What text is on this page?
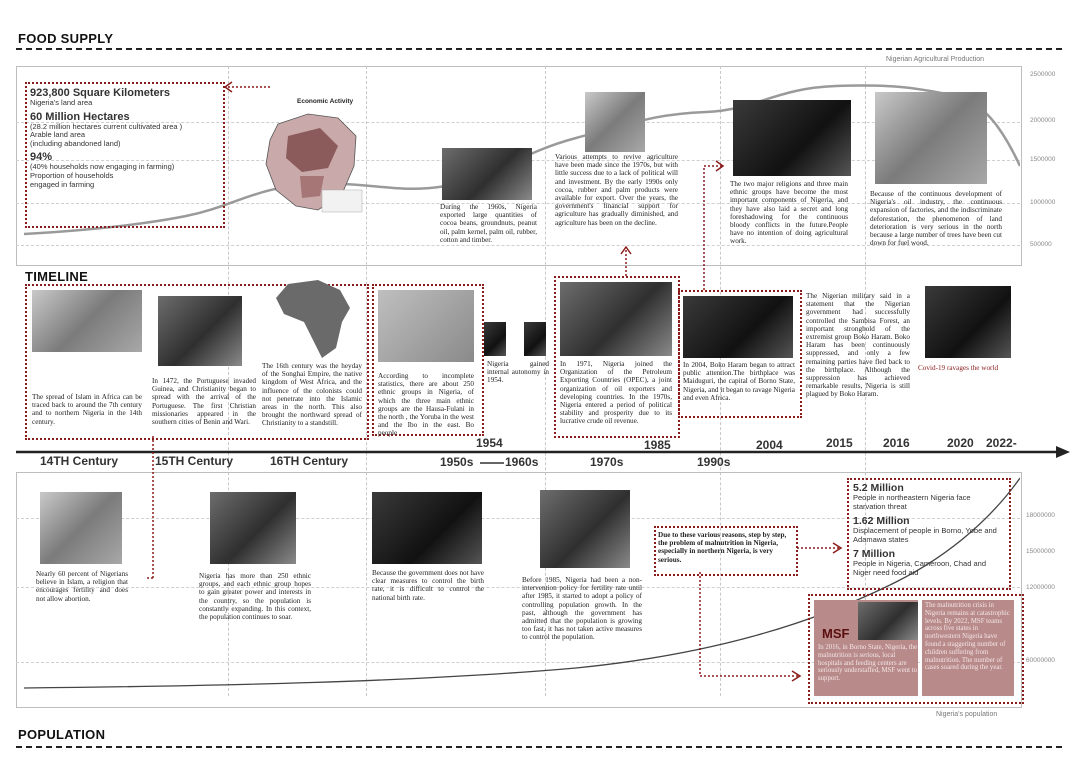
FOOD SUPPLY
POPULATION
Nigerian Agricultural Production
2500000
2000000
1500000
1000000
500000
923,800 Square Kilometers
Nigeria's land area
60 Million Hectares
(28.2 million hectares current cultivated area )
Arable land area
(including abandoned land)
94%
(40% households now engaging in farming)
Proportion of households
engaged in farming
Economic Activity
During the 1960s, Nigeria exported large quantities of cocoa beans, groundnuts, peanut oil, palm kernel, palm oil, rubber, cotton and timber.
Various attempts to revive agriculture have been made since the 1970s, but with little success due to a lack of political will and investment. By the early 1990s only cocoa, rubber and palm products were available for export. Over the years, the government's financial support for agriculture has gradually diminished, and agriculture has been on the decline.
The two major religions and three main ethnic groups have become the most important components of Nigeria, and they have also laid a secret and long foreshadowing for the continuous bloody conflicts in the future.People have no intention of doing agricultural work.
Because of the continuous development of Nigeria's oil industry, the continuous expansion of factories, and the indiscriminate deforestation, the phenomenon of land deterioration is very serious in the north because a large number of trees have been cut down for fuel wood.
TIMELINE
The spread of Islam in Africa can be traced back to around the 7th century and to northern Nigeria in the 14th century.
In 1472, the Portuguese invaded Guinea, and Christianity began to spread with the arrival of the Portuguese. The first Christian missionaries appeared in the southern cities of Benin and Wari.
The 16th century was the heyday of the Songhai Empire, the native kingdom of West Africa, and the influence of the colonists could not penetrate into the Islamic areas in the north. This also brought the northward spread of Christianity to a standstill.
According to incomplete statistics, there are about 250 ethnic groups in Nigeria, of which the three main ethnic groups are the Hausa-Fulani in the north , the Yoruba in the west and the Ibo in the east. Bo people .
Nigeria gained internal autonomy in 1954.
In 1971, Nigeria joined the Organization of the Petroleum Exporting Countries (OPEC), a joint organization of oil exporters and developing countries. In the 1970s, Nigeria entered a period of political stability and prosperity due to its lucrative crude oil revenue.
In 2004, Boko Haram began to attract public attention.The birthplace was Maiduguri, the capital of Borno State, Nigeria, and it began to ravage Nigeria and even Africa.
The Nigerian military said in a statement that the Nigerian government had successfully controlled the Sambisa Forest, an important stronghold of the extremist group Boko Haram. Boko Haram has been continuously suppressed, and only a few remaining parties have fled back to the birthplace. Although the suppression has achieved remarkable results, Nigeria is still plagued by Boko Haram.
Covid-19 ravages the world
14TH Century	15TH Century	16TH Century	1950s	1960s	1970s	1990s
1954	1985	2004	2015	2016	2020 2022-
Nigeria's population
18000000
15000000
12000000
60000000
Nearly 60 percent of Nigerians believe in Islam, a religion that encourages fertility and does not allow abortion.
Nigeria has more than 250 ethnic groups, and each ethnic group hopes to gain greater power and interests in the country, so the population is constantly expanding. In this context, the population continues to soar.
Because the government does not have clear measures to control the birth rate, it is difficult to control the national birth rate.
Before 1985, Nigeria had been a non-intervention policy for fertility rate until after 1985, it started to adopt a policy of controlling population growth. In the past, although the government has admitted that the population is growing too fast, it has not taken active measures to control the population.
Due to these various reasons, step by step, the problem of malnutrition in Nigeria, especially in northern Nigeria, is very serious.
5.2 Million
People in northeastern Nigeria face starvation threat
1.62 Million
Displacement of people in Borno, Yobe and Adamawa states
7 Million
People in Nigeria, Cameroon, Chad and Niger need food aid
MSF
In 2016, in Borno State, Nigeria, the malnutrition is serious, local hospitals and feeding centers are seriously understaffed, MSF went to support.
The malnutrition crisis in Nigeria remains at catastrophic levels. By 2022, MSF teams across five states in northwestern Nigeria have found a staggering number of children suffering from malnutrition. The number of cases soared during the year.
